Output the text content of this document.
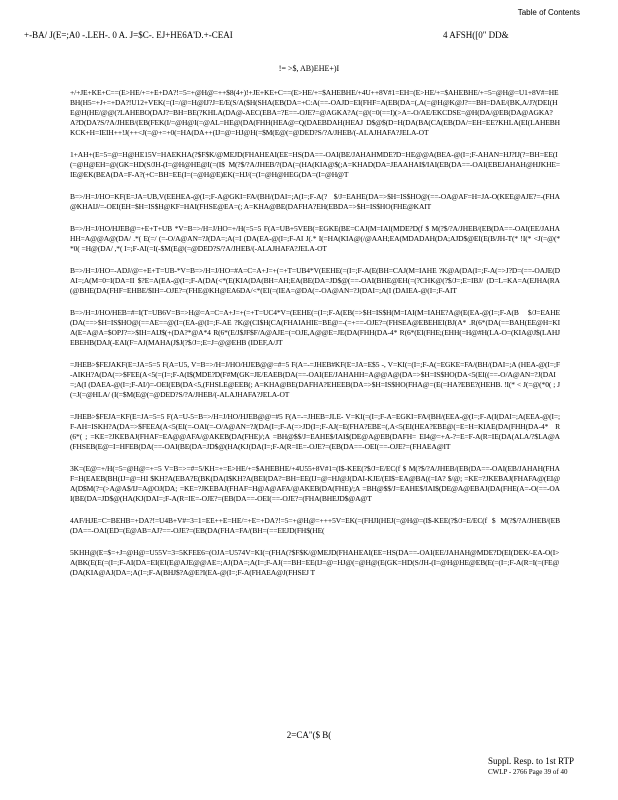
Table of Contents
+-BA/ J(E=;A0 -.LEH-. 0 A. J=$C-. EJ+HE6A'D.+-CEAI	4 AFSH([0" DD&
!= >$, AB)EHE+)I

+/+JE+KE+C==(E>HE/+=+E+DA?!=5=+@H@=++$8(4+)!+JE+KE+C==(E>HE/+=$AHEBHE/+4U++8V#1=EH=(E>HE/+=$AHEBHE/+=5=@H@=U1+8V#=HEBH(H5=+J+=+DA?!U12+VEK(=(I=/@=H@IJ?J=E/E(S/A($H(SHA(EB(DA=+C:A(==-OAJD=EI(FHF=A(EB(DA=(,A(=@H@K@J?==BH=DAE/(BK,A/J?(DEI(HE@H(HE/@@(?LAHEBO(DAJ?=BH=BE(?KHLA(DA@-AEC(EBA=?E==-OJE?=@AGKA?A(=@(=0(==I)(>A=-O/AE/EKCDSE=@H(DA/@EB(DA@AGKA?A?D(DA?S/?A/JHEB/(EB(FEK(I/=@H@I(=@AL=HE@(DA(FHH(HEA@=Q(DAEBDAH(HEAJ D$@$(D=H(DA(BA(CA(EB(DA/=EH=EE?KHLA(EI(LAHEBHKCK+H=IEIH++!J(++<J(=@+=+0(=HA(DA++(IJ=@=HJ@H(=$M(E@(=@DED?S/?A/JHEB/(-ALAJHAFA?JELA-OT

1+AH+(E=5=@=H@HE15V=HAEKHA(?$F$K/@MEJD(FHAHEAI(EE=HS(DA==-OAI(BE/JAHAHMDE?D=HE@@A(BEA-@(I=;F-AHAN=HJ?IJ(?=BH=EE(I(=@H@EH=@(GK=HD(S/JH-(I=@H@HE@I(=(I$ M(?$/?A/JHEB/?(DA(=(HA(KIA@$(;A=KHAD(DA=JEAAHAI$/IAI(EB(DA==-OAI(EBEJAHAH@HJKHE=IE@EK(BEA(DA=F-A?(+C=BH=EE(I=(=@H@E)EK(=HJ/(=(I=@H@HEG(DA=(I=@H@T

B=>/H=J/HO=KF(E=JA=UB,V(EEHEA-@(I=;F-A@GKI=FA/(BH/(DAI=;A(I=;F-A(? $/J=EAHE(DA=>$H=IS$HO@(==-OA@AF=H=JA-O(KEE@AJE?=-(FHA@KHAIJ/=-OEI(EH=$H=IS$H@KF=HAI(FHSE@EA=(; A=KHA@BE(DAFHA?EH(EBDA=>$H=IS$HO(FHE@KAIT

B=>/H=J/HO/HJEB@=+E+T+UB *V=B=>/H=J/HO=+/H(=5=5 F(A=UB+5VEB(=EGKE(BE=CAJ(M=IAI(MDE?D(f $ M(?$/?A/JHEB/(EB(DA==-OAI(EE/JAHAHH=A@@A@(DA/ .*( E(=/ (=-O/A@AN=?J(DA=;A(=I (DA(EA-@(I=;F-AI J(.* I(=HA(KIA@(/@AAH;EA(MDADAH(DA;AJD$@EI(E(B/JH-T(* !I(* <J(=@(* *0( =H@(DA/ ,*( I=;F-AI(=I(-$M(E@(=@DED?S/?A/JHEB/(-ALAJHAFA?JELA-OT

B=>/H=J/HO=-ADJ/@=+E+T=UB-*V=B=>/H=J/HO=#A=C=A+J=+(=+T=UB4*V(EEHE(=(I=;F-A(E(BH=CAJ(M=IAHE ?K@A(DA(I=;F-A(=>J?D=(==-OAJE(DAI=;A(M=0=I(DA=II $?E=A(EA-@(I=;F-A(DA(<*(E(KIA(DA(BH=AH;EA(BE(DA=JD$@(==-OAI(BHE@EH(=(?CHK@(?$/J=;E=IBJ/ (D=L=KA=A(EJHA(RA(@BHE(DA(FHF=EHBE/$IH=-OJE?=(FHE@KH@EA6DA/<*(EI(=(IEA=@DA(=-OA@AN=?J(DAI=;A(I (DAIEA-@(I=;F-AIT

B=>/H=J/HO/HEB=#=I(T=UB6V=B=>H@=A=C=A+J=+(=+T=UC4*V=(EEHE(=(I=;F-A(EB(=>$H=IS$H(M=IAI(M=IAHE?A@(E(EA-@(I=;F-A(B $/J=EAHE(DA(==>$H=IS$HO@(==AE==@(I=(EA-@(I=;F-AE ?K@(CI$H(CA(FHAIAHIE=BE@=-(=+==-OJE?=(FHSEA@EBEHEI(BJ(A* .R(6*(DA(==BAH(EE@H=KIA(E=A@A=$OPJ?=>$IH=AIJ$(+(DA?*@A*4 R(6*(E/J$JF$F/A@AJE=(=OJE,A@@E=JE(DA(FHH(DA-4* R(6*(EI(FHE;(EHH(=H@#H(LA-O=(KIA@J$(LAHJEBEHB(DAJ(-EAI(F=AJ(MAHA(J$J(?$/J=;E=J=@@EHB (IDEF,A/JT

=JHEB>$FEJAKF(E=JA=5=5 F(A=U5, V=B=>/H=J/HO/HJEB@@=#=5 F(A=-=JHEB#KF(E=JA=E$5 -, V=KI(=(I=;F-A(=EGKE=FA/(BH/(DAI=;A (HEA-@(I=;F-AIKH?A(DA(=>$FEE(A<5(=(I=;F-A(I$(MDE?D(F#M(GK=JE/EAEB(DA(==-OAI(EE/JAHAHH=A@@A@(DA=>$H=IS$HO(DA<5(EI((==-O/A@AN=?J(DAI=;A(I (DAEA-@(I=;F-AI/)=-OEI(EB(DA<5,(FHSLE@EEB(; A=KHA@BE(DAFHA?EHEEB(DA=>$H=IS$HO(FHA@=(E(=HA?EBE?(HEHB. !I(* < J(=@(*0( ; J(=J(=@HLA/ (I(=$M(E@(=@DED?S/?A/JHEB/(-ALAJHAFA?JELA-OT

=JHEB>$FEJA=KF(E=JA=5=5 F(A=U-5=B=>/H=J/HO/HJEB@@=#5 F(A=-=JHEB=JLE- V=KI(=(I=;F-A=EGKI=FA/(BH/(EEA-@(I=;F-A(I(DAI=;A(EEA-@(I=;F-AH=ISKH?A(DA=>$FEEA(A<5(EI(=-OAI(=-O/A@AN=?J(DA(I=;F-A(=>JD(I=;F-AJ(=E(FHA?EBE=(,A<5(EI(HEA?EBE@(=E=H=KIAE(DA(FHH(DA-4* R(6*( ; =KE=?JKEBAJ(FHAF=EA@@AFA/@AKEB(DA(FHE)/;A =BH@$$/J=EAHE$/IAI$(DE@A@EB(DAFH= EI4@=+A-?=E=F-A(R=IE(DA(ALA/?$LA@A(FHSEB(E@=I=HFEB(DA(==-OAI(BE(DA=JD$@(HA(KJ(DA(I=;F-A(R=IE=-OJE?=(EB(DA==-OEI(==-OJE?=(FHAEA@IT

3K=(E@=+/H(=5=@H@=+=5 V=B=>=#=5/KH=+=E>HE/+=$AHEBHE/+4U55+8V#1=(I$-KEE(?$/J=E/EC(f $ M(?$/?A/JHEB/(EB(DA==-OAI(EB/JAHAH(FHAF=H(EAEB(BH(IJ=@=HI $KH?A(EBA?E(BK(DA(I$KH?A(BEI(DA?=BH=EE(IJ=@=HJ@J(DAI-KJE/(EI$=EA@BA((=IA? $/@; =KE=?JKEBAJ(FHAFA@(EI@A(D$M(?=(>A@A$/IJ=A@OJ(DA; =KE=?JKEBAJ(FHAF=H@A@AFA/@AKEB(DA(FHE)/;A =BH@$$/J=EAHE$/IAI$(DE@A@EBAJ(DA(FHE(A=-O(==-OAI(BE(DA=JD$@(HA(KJ(DAI=;F-A(R=IE=-OJE?=(EB(DA==-OEI(==-OJE?=(FHA(BHEJD$@A@T

4AF/HJE=C=BEHB=+DA?!=U4B+V#=3=1=EE++E=HE/=+E=+DA?!=5=+@H@=+++5V=EK(=(FHJI(HEJ(=@H@=(I$-KEE(?$/J=E/EC(f $ M(?$/?A/JHEB/(EB(DA==-OAI(ED=(E@AB=AJ?==-OJE?=(EB(DA(FHA=FA/(BH=(==EEJD(FH$(HE(

5KHH@(E=$=+J=@H@=U55V=3=5KFEE6=(OJA=U574V=KI(=(FHA(?$F$K/@MEJD(FHAHEAI(EE=HS(DA==-OAI(EE/JAHAH@MDE?D(EI(DEK/-EA-O(I>A(BK(E(E(=(I=;F-AI(DA=EI(EI(E@AJE@@AE=;AJ(DA=;A(I=;F-AJ(==BH=EE(IJ=@=HJ@(=@H@(E(GK=HD(S/JH-(I=@H@HE@EB(E(=(I=;F-A(R=I(=(FE@(DA(KIA@AJ(DA=;A(I=;F-A(BHJ$?A@E?I(EA-@(I=;F-A(FHAEA@J(FHSEJ T

2=CA"($ B(
Suppl. Resp. to 1st RTP
CWLP - 2766 Page 39 of 40
